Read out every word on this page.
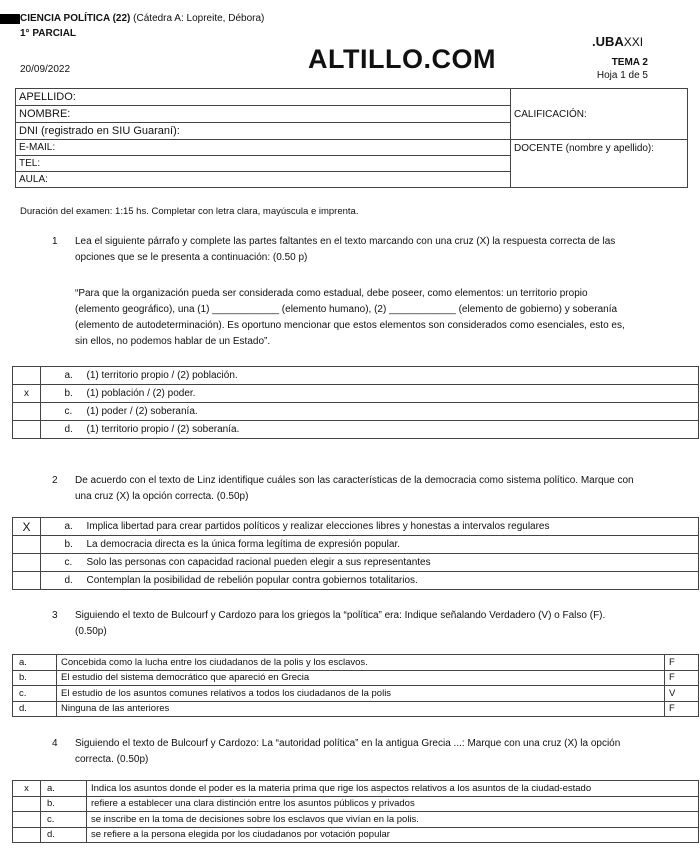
CIENCIA POLÍTICA (22) (Cátedra A: Lopreite, Débora)
1° PARCIAL
20/09/2022	ALTILLO.COM
.UBAXXI
TEMA 2
Hoja 1 de 5
APELLIDO:	CALIFICACIÓN:
NOMBRE:	
DNI (registrado en SIU Guaraní):	
E-MAIL:	DOCENTE (nombre y apellido):
TEL:	
AULA:	
Duración del examen: 1:15 hs. Completar con letra clara, mayúscula e imprenta.
1 Lea el siguiente párrafo y complete las partes faltantes en el texto marcando con una cruz (X) la respuesta correcta de las
opciones que se le presenta a continuación: (0.50 p)
“Para que la organización pueda ser considerada como estadual, debe poseer, como elementos: un territorio propio
(elemento geográfico), una (1) ____________ (elemento humano), (2) ____________ (elemento de gobierno) y soberanía
(elemento de autodeterminación). Es oportuno mencionar que estos elementos son considerados como esenciales, esto es,
sin ellos, no podemos hablar de un Estado”.
		a. (1) territorio propio / (2) población.
x		b. (1) población / (2) poder.
		c. (1) poder / (2) soberanía.
		d. (1) territorio propio / (2) soberanía.
2 De acuerdo con el texto de Linz identifique cuáles son las características de la democracia como sistema político. Marque con
una cruz (X) la opción correcta. (0.50p)
X		a. Implica libertad para crear partidos políticos y realizar elecciones libres y honestas a intervalos regulares
		b. La democracia directa es la única forma legítima de expresión popular.
		c. Solo las personas con capacidad racional pueden elegir a sus representantes
		d. Contemplan la posibilidad de rebelión popular contra gobiernos totalitarios.
3 Siguiendo el texto de Bulcourf y Cardozo para los griegos la “política” era: Indique señalando Verdadero (V) o Falso (F).
(0.50p)
a.	Concebida como la lucha entre los ciudadanos de la polis y los esclavos.	F
b.	El estudio del sistema democrático que apareció en Grecia	F
c.	El estudio de los asuntos comunes relativos a todos los ciudadanos de la polis	V
d.	Ninguna de las anteriores	F
4 Siguiendo el texto de Bulcourf y Cardozo: La “autoridad política” en la antigua Grecia ...: Marque con una cruz (X) la opción
correcta. (0.50p)
x	a.	Indica los asuntos donde el poder es la materia prima que rige los aspectos relativos a los asuntos de la ciudad-estado
	b.	refiere a establecer una clara distinción entre los asuntos públicos y privados
	c.	se inscribe en la toma de decisiones sobre los esclavos que vivían en la polis.
	d.	se refiere a la persona elegida por los ciudadanos por votación popular
